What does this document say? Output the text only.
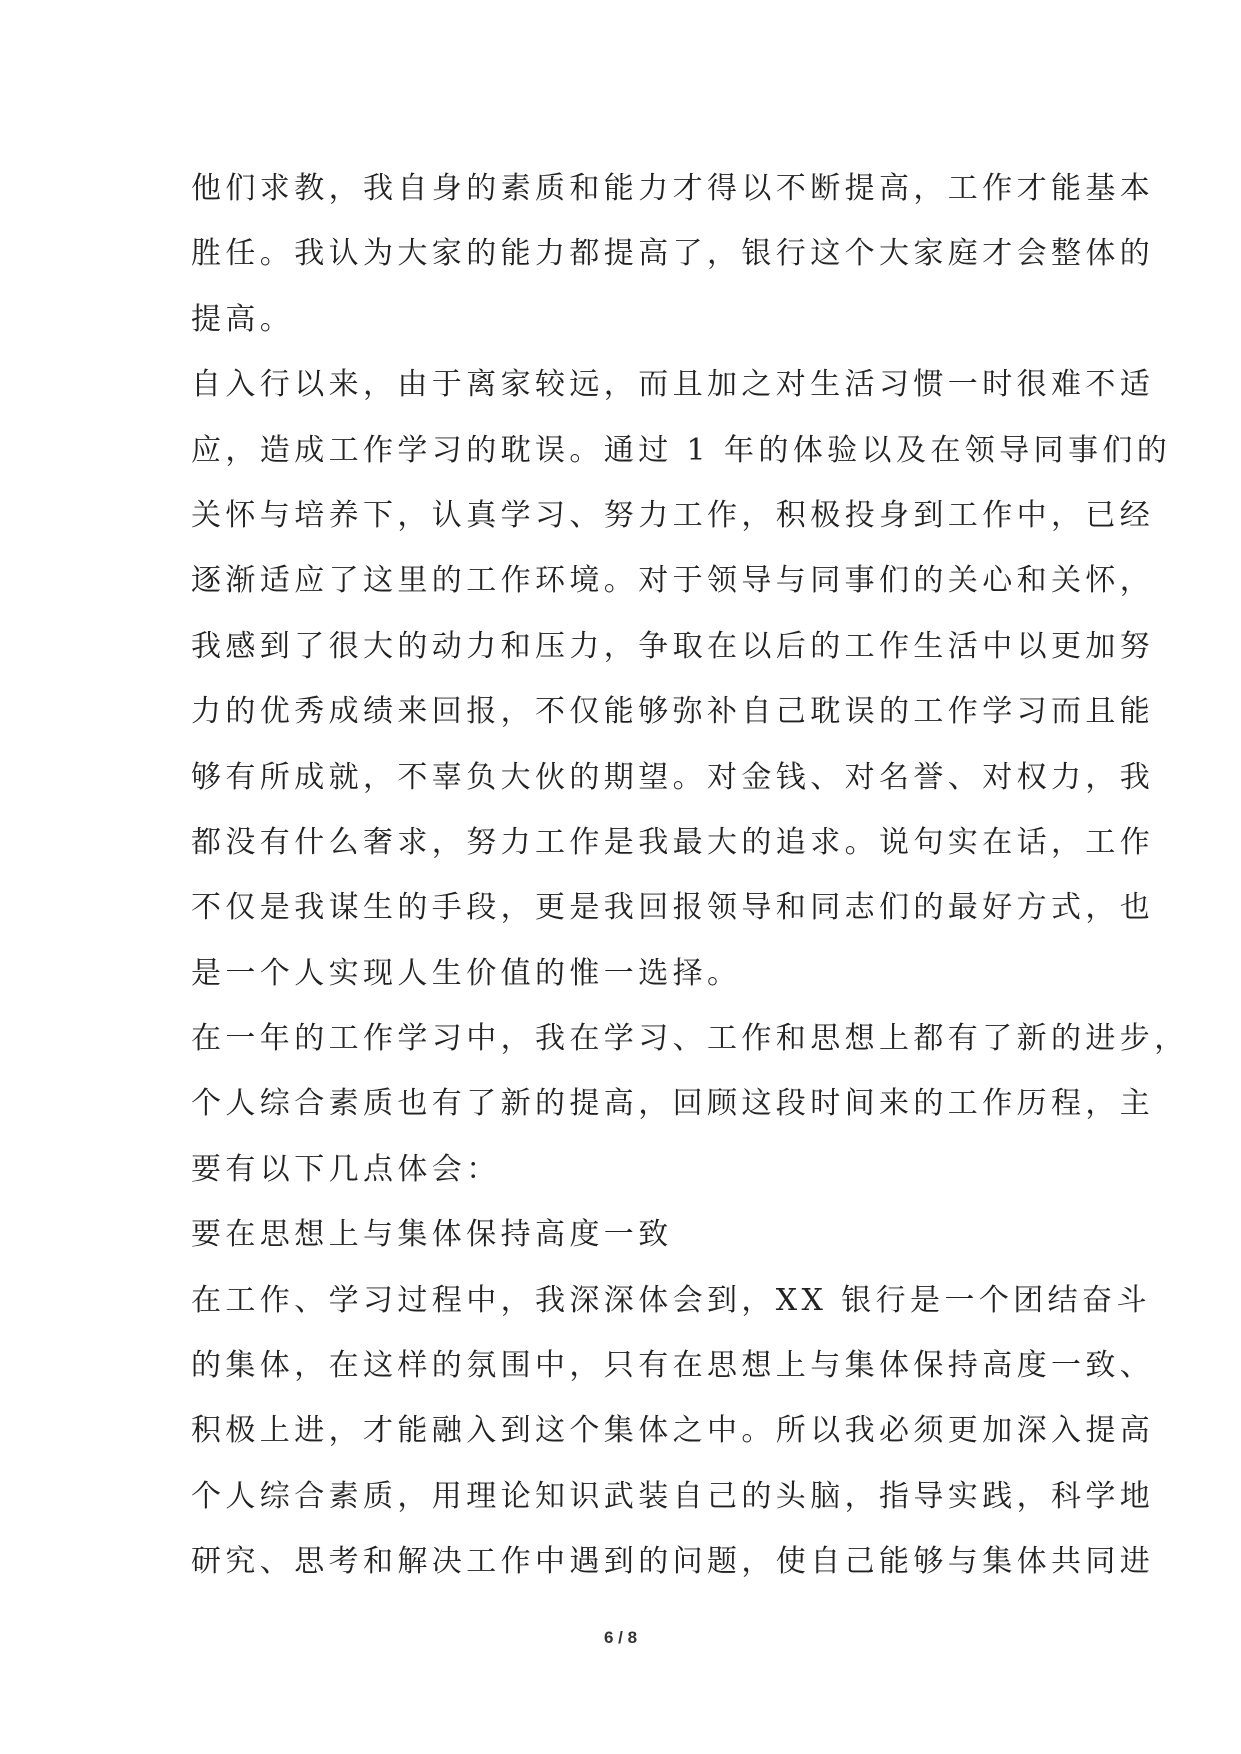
他们求教，我自身的素质和能力才得以不断提高，工作才能基本
胜任。我认为大家的能力都提高了，银行这个大家庭才会整体的
提高。
自入行以来，由于离家较远，而且加之对生活习惯一时很难不适
应，造成工作学习的耽误。通过 1 年的体验以及在领导同事们的
关怀与培养下，认真学习、努力工作，积极投身到工作中，已经
逐渐适应了这里的工作环境。对于领导与同事们的关心和关怀，
我感到了很大的动力和压力，争取在以后的工作生活中以更加努
力的优秀成绩来回报，不仅能够弥补自己耽误的工作学习而且能
够有所成就，不辜负大伙的期望。对金钱、对名誉、对权力，我
都没有什么奢求，努力工作是我最大的追求。说句实在话，工作
不仅是我谋生的手段，更是我回报领导和同志们的最好方式，也
是一个人实现人生价值的惟一选择。
在一年的工作学习中，我在学习、工作和思想上都有了新的进步，
个人综合素质也有了新的提高，回顾这段时间来的工作历程，主
要有以下几点体会：
要在思想上与集体保持高度一致
在工作、学习过程中，我深深体会到，XX 银行是一个团结奋斗
的集体，在这样的氛围中，只有在思想上与集体保持高度一致、
积极上进，才能融入到这个集体之中。所以我必须更加深入提高
个人综合素质，用理论知识武装自己的头脑，指导实践，科学地
研究、思考和解决工作中遇到的问题，使自己能够与集体共同进
6 / 8
